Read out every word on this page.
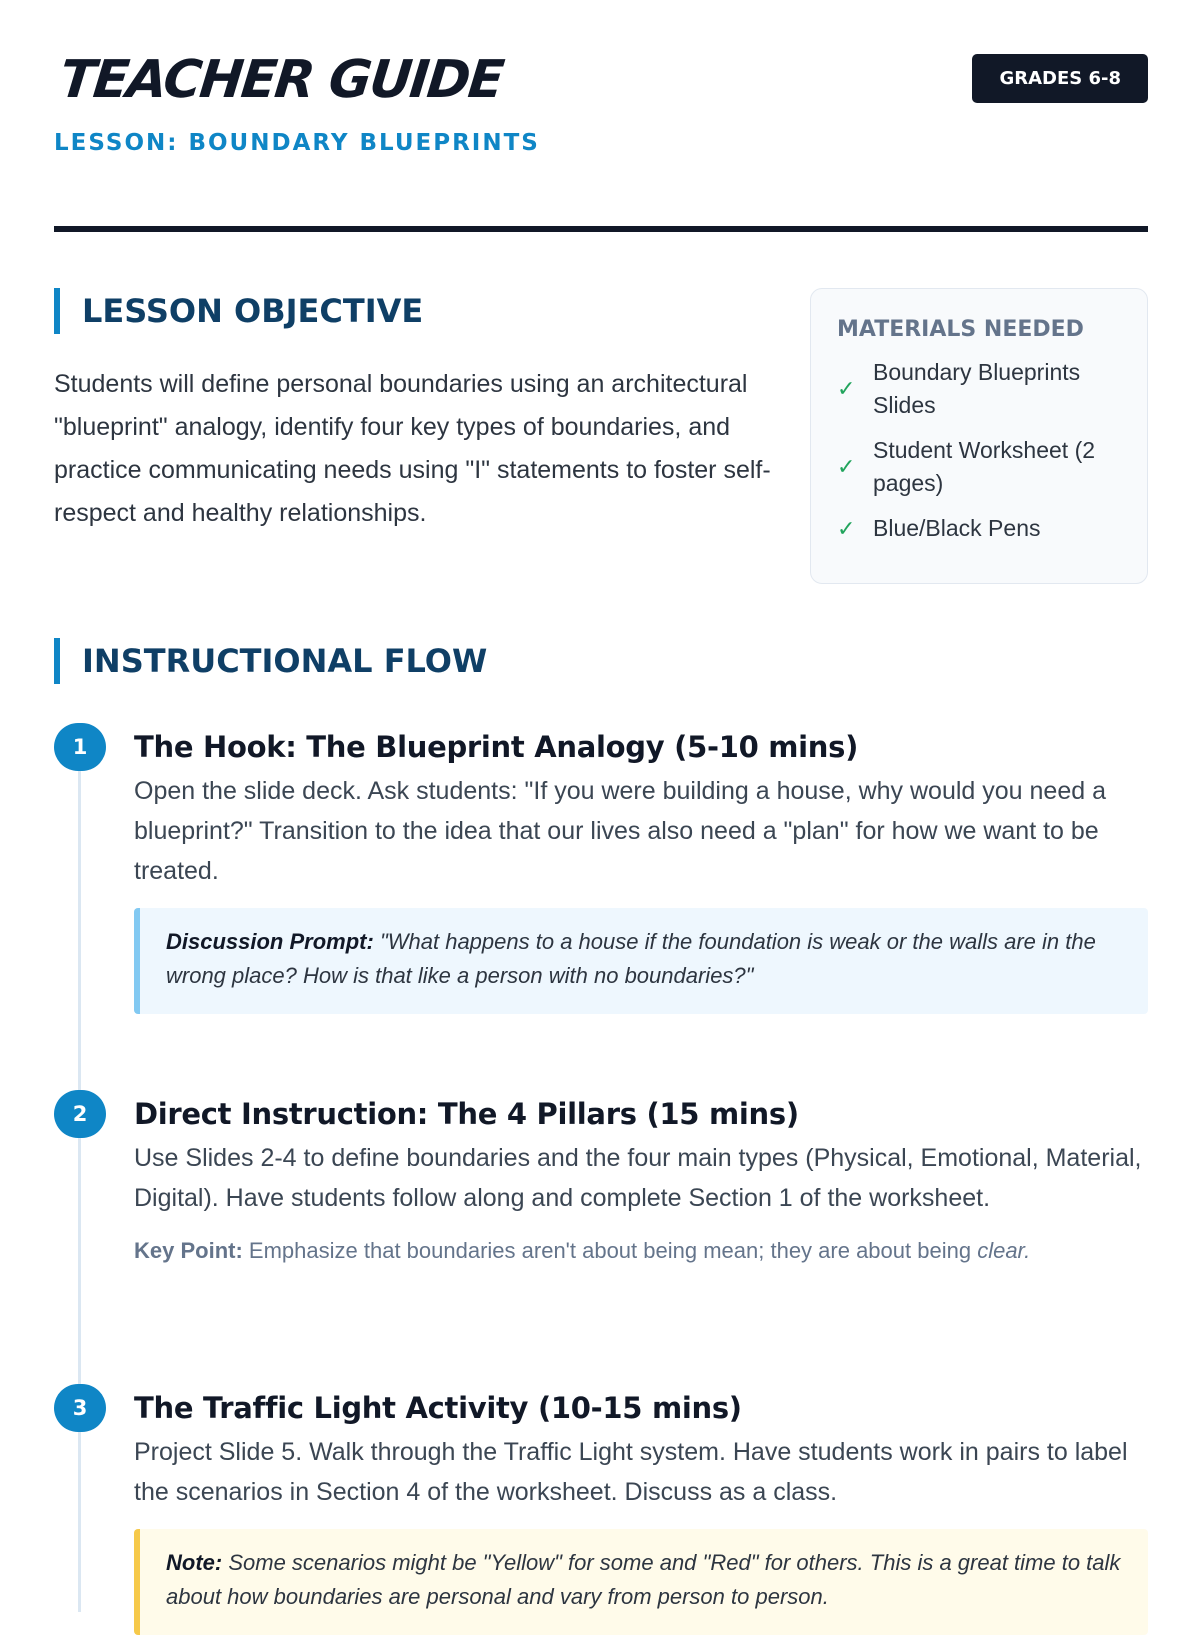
TEACHER GUIDE
LESSON: BOUNDARY BLUEPRINTS
GRADES 6-8
LESSON OBJECTIVE
Students will define personal boundaries using an architectural "blueprint" analogy, identify four key types of boundaries, and practice communicating needs using "I" statements to foster self-respect and healthy relationships.
MATERIALS NEEDED
✓
Boundary Blueprints Slides
✓
Student Worksheet (2 pages)
✓ Blue/Black Pens
INSTRUCTIONAL FLOW
1	The Hook: The Blueprint Analogy (5-10 mins)
Open the slide deck. Ask students: "If you were building a house, why would you need a blueprint?" Transition to the idea that our lives also need a "plan" for how we want to be treated.
Discussion Prompt: "What happens to a house if the foundation is weak or the walls are in the wrong place? How is that like a person with no boundaries?"
2	Direct Instruction: The 4 Pillars (15 mins)
Use Slides 2-4 to define boundaries and the four main types (Physical, Emotional, Material, Digital). Have students follow along and complete Section 1 of the worksheet.
Key Point: Emphasize that boundaries aren't about being mean; they are about being clear.
3	The Traffic Light Activity (10-15 mins)
Project Slide 5. Walk through the Traffic Light system. Have students work in pairs to label the scenarios in Section 4 of the worksheet. Discuss as a class.
Note: Some scenarios might be "Yellow" for some and "Red" for others. This is a great time to talk about how boundaries are personal and vary from person to person.
